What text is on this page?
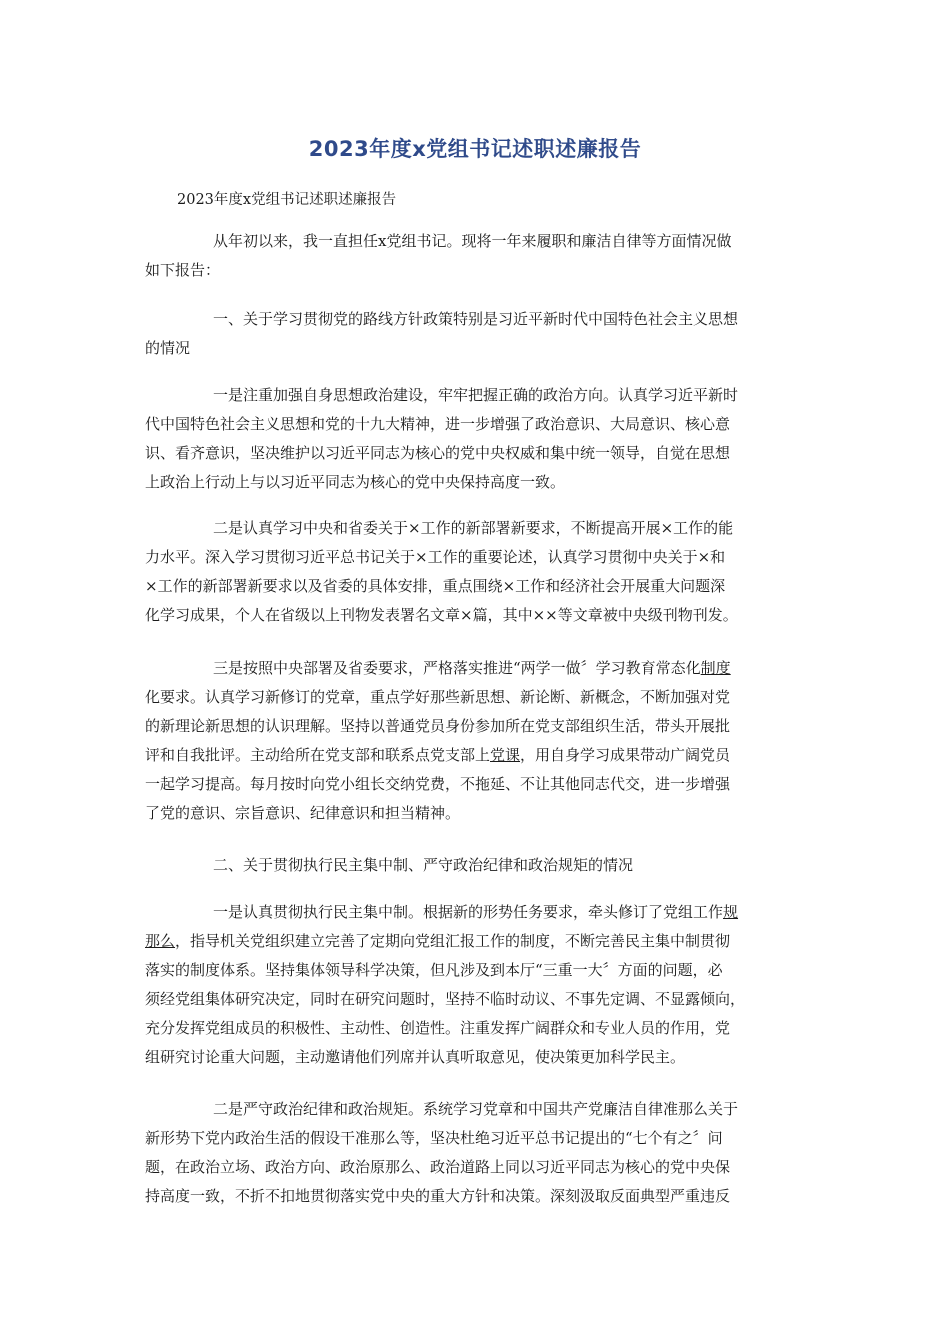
2023年度x党组书记述职述廉报告
2023年度x党组书记述职述廉报告
从年初以来，我一直担任x党组书记。现将一年来履职和廉洁自律等方面情况做
如下报告：
一、关于学习贯彻党的路线方针政策特别是习近平新时代中国特色社会主义思想
的情况
一是注重加强自身思想政治建设，牢牢把握正确的政治方向。认真学习近平新时
代中国特色社会主义思想和党的十九大精神，进一步增强了政治意识、大局意识、核心意
识、看齐意识，坚决维护以习近平同志为核心的党中央权威和集中统一领导，自觉在思想
上政治上行动上与以习近平同志为核心的党中央保持高度一致。
二是认真学习中央和省委关于×工作的新部署新要求，不断提高开展×工作的能
力水平。深入学习贯彻习近平总书记关于×工作的重要论述，认真学习贯彻中央关于×和
×工作的新部署新要求以及省委的具体安排，重点围绕×工作和经济社会开展重大问题深
化学习成果，个人在省级以上刊物发表署名文章×篇，其中××等文章被中央级刊物刊发。
三是按照中央部署及省委要求，严格落实推进“两学一做〞学习教育常态化制度
化要求。认真学习新修订的党章，重点学好那些新思想、新论断、新概念，不断加强对党
的新理论新思想的认识理解。坚持以普通党员身份参加所在党支部组织生活，带头开展批
评和自我批评。主动给所在党支部和联系点党支部上党课，用自身学习成果带动广阔党员
一起学习提高。每月按时向党小组长交纳党费，不拖延、不让其他同志代交，进一步增强
了党的意识、宗旨意识、纪律意识和担当精神。
二、关于贯彻执行民主集中制、严守政治纪律和政治规矩的情况
一是认真贯彻执行民主集中制。根据新的形势任务要求，牵头修订了党组工作规
那么，指导机关党组织建立完善了定期向党组汇报工作的制度，不断完善民主集中制贯彻
落实的制度体系。坚持集体领导科学决策，但凡涉及到本厅“三重一大〞方面的问题，必
须经党组集体研究决定，同时在研究问题时，坚持不临时动议、不事先定调、不显露倾向，
充分发挥党组成员的积极性、主动性、创造性。注重发挥广阔群众和专业人员的作用，党
组研究讨论重大问题，主动邀请他们列席并认真听取意见，使决策更加科学民主。
二是严守政治纪律和政治规矩。系统学习党章和中国共产党廉洁自律准那么关于
新形势下党内政治生活的假设干准那么等，坚决杜绝习近平总书记提出的“七个有之〞问
题，在政治立场、政治方向、政治原那么、政治道路上同以习近平同志为核心的党中央保
持高度一致，不折不扣地贯彻落实党中央的重大方针和决策。深刻汲取反面典型严重违反
